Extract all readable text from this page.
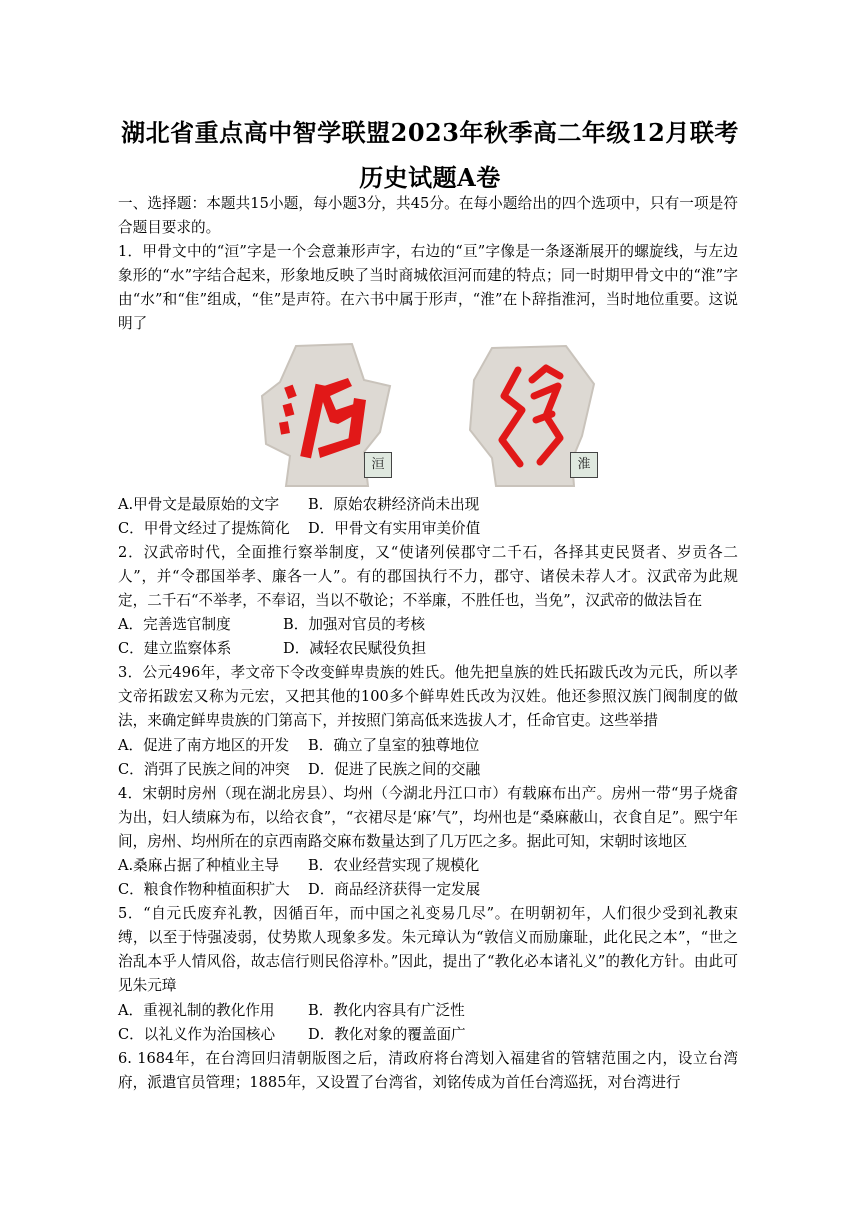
湖北省重点高中智学联盟2023年秋季高二年级12月联考
历史试题A卷

一、选择题：本题共15小题，每小题3分，共45分。在每小题给出的四个选项中，只有一项是符合题目要求的。

1．甲骨文中的“洹”字是一个会意兼形声字，右边的“亘”字像是一条逐渐展开的螺旋线，与左边象形的“水”字结合起来，形象地反映了当时商城依洹河而建的特点；同一时期甲骨文中的“淮”字由“水”和“隹”组成，“隹”是声符。在六书中属于形声，“淮”在卜辞指淮河，当时地位重要。这说明了

洹	淮
A.甲骨文是最原始的文字	B．原始农耕经济尚未出现
C．甲骨文经过了提炼简化	D．甲骨文有实用审美价值

2．汉武帝时代，全面推行察举制度，又“使诸列侯郡守二千石，各择其吏民贤者、岁贡各二人”，并“令郡国举孝、廉各一人”。有的郡国执行不力，郡守、诸侯未荐人才。汉武帝为此规定，二千石“不举孝，不奉诏，当以不敬论；不举廉，不胜任也，当免”，汉武帝的做法旨在

A．完善选官制度	B．加强对官员的考核
C．建立监察体系	D．减轻农民赋役负担

3．公元496年，孝文帝下令改变鲜卑贵族的姓氏。他先把皇族的姓氏拓跋氏改为元氏，所以孝文帝拓跋宏又称为元宏，又把其他的100多个鲜卑姓氏改为汉姓。他还参照汉族门阀制度的做法，来确定鲜卑贵族的门第高下，并按照门第高低来选拔人才，任命官吏。这些举措

A．促进了南方地区的开发	B．确立了皇室的独尊地位
C．消弭了民族之间的冲突	D．促进了民族之间的交融

4．宋朝时房州（现在湖北房县）、均州（今湖北丹江口市）有载麻布出产。房州一带“男子烧畬为出，妇人绩麻为布，以给衣食”，“衣裙尽是‘麻’气”，均州也是“桑麻蔽山，衣食自足”。熙宁年间，房州、均州所在的京西南路交麻布数量达到了几万匹之多。据此可知，宋朝时该地区

A.桑麻占据了种植业主导	B．农业经营实现了规模化
C．粮食作物种植面积扩大	D．商品经济获得一定发展

5．“自元氏废弃礼教，因循百年，而中国之礼变易几尽”。在明朝初年，人们很少受到礼教束缚，以至于恃强凌弱，仗势欺人现象多发。朱元璋认为“敦信义而励廉耻，此化民之本”，“世之治乱本乎人情风俗，故志信行则民俗淳朴。”因此，提出了“教化必本诸礼义”的教化方针。由此可见朱元璋

A．重视礼制的教化作用	B．教化内容具有广泛性
C．以礼义作为治国核心	D．教化对象的覆盖面广

6. 1684年，在台湾回归清朝版图之后，清政府将台湾划入福建省的管辖范围之内，设立台湾府，派遣官员管理；1885年，又设置了台湾省，刘铭传成为首任台湾巡抚，对台湾进行
